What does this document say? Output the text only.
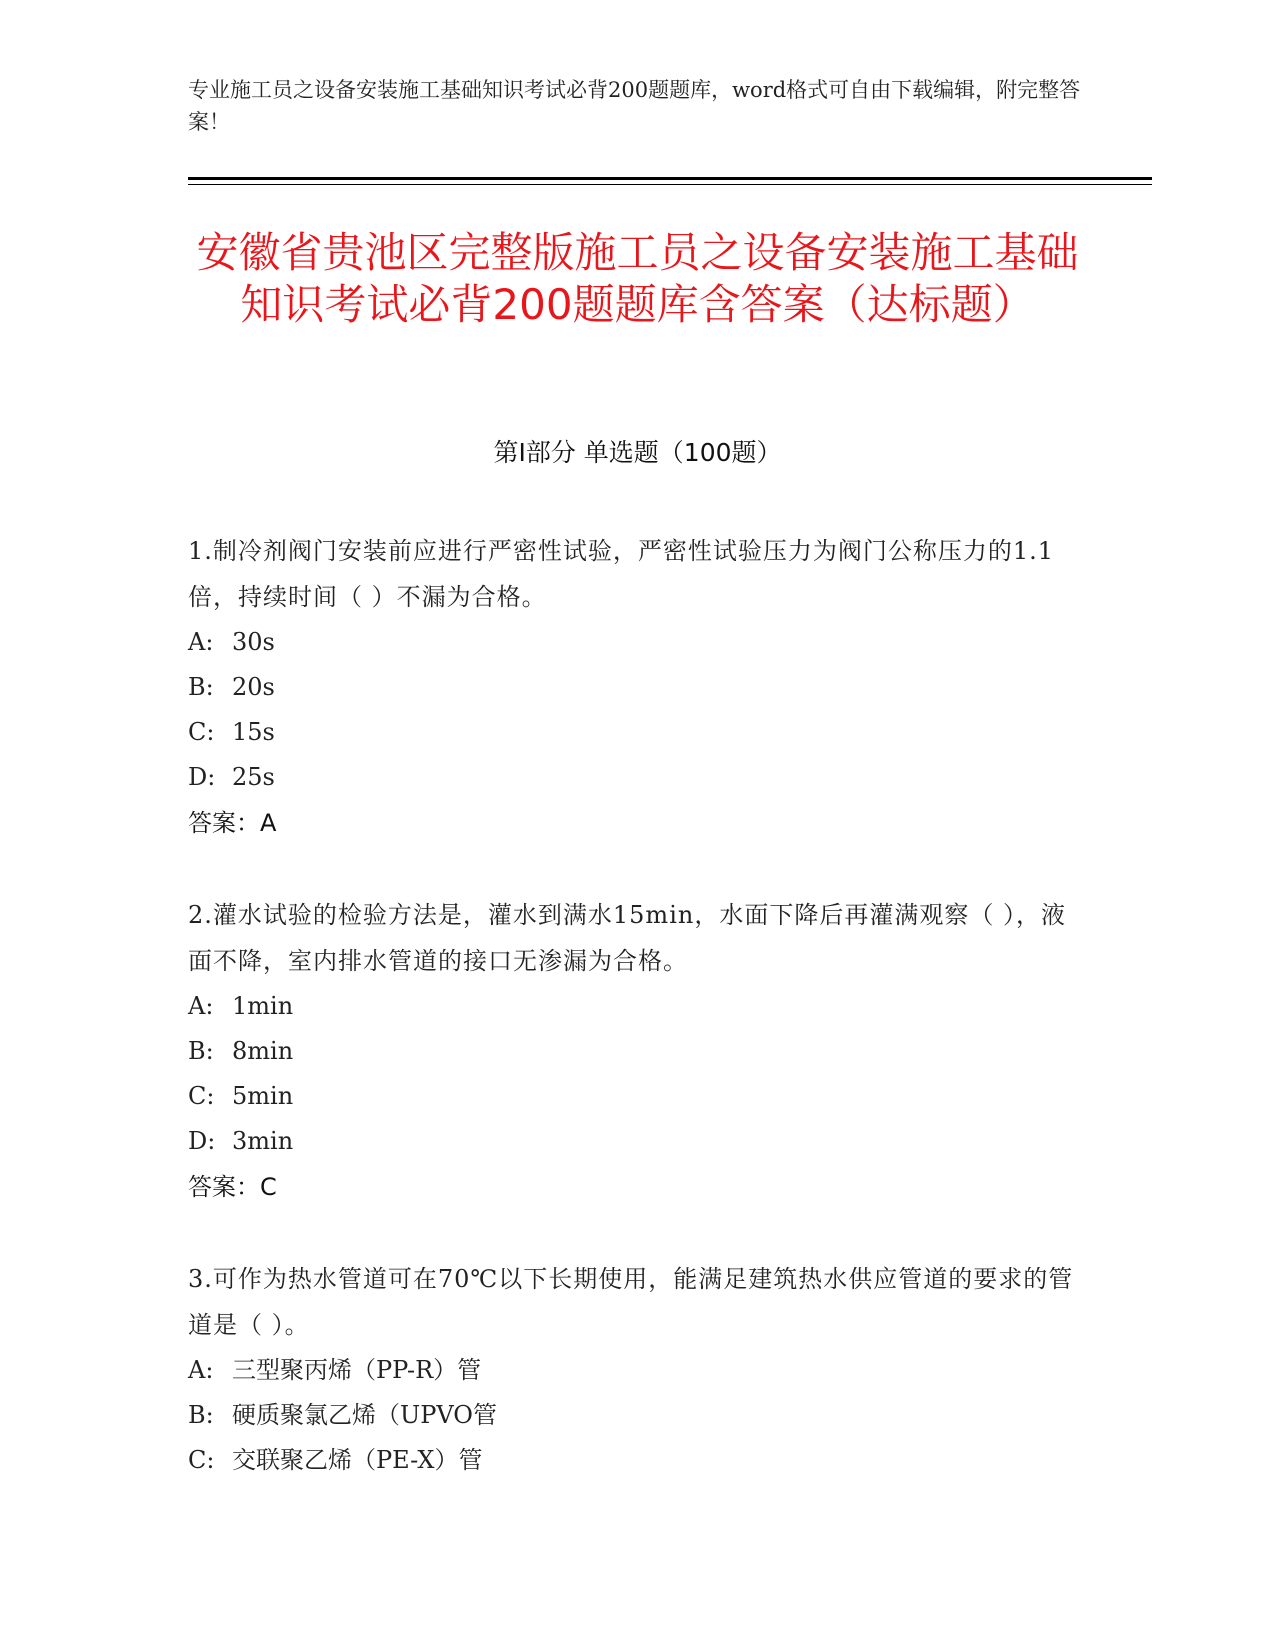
专业施工员之设备安装施工基础知识考试必背200题题库，word格式可自由下载编辑，附完整答案！
安徽省贵池区完整版施工员之设备安装施工基础知识考试必背200题题库含答案（达标题）
第Ⅰ部分 单选题（100题）
1.制冷剂阀门安装前应进行严密性试验，严密性试验压力为阀门公称压力的1.1倍，持续时间（ ）不漏为合格。
A: 30s
B: 20s
C: 15s
D: 25s
答案：A
2.灌水试验的检验方法是，灌水到满水15min，水面下降后再灌满观察（ ），液面不降，室内排水管道的接口无渗漏为合格。
A: 1min
B: 8min
C: 5min
D: 3min
答案：C
3.可作为热水管道可在70℃以下长期使用，能满足建筑热水供应管道的要求的管道是（ ）。
A: 三型聚丙烯（PP-R）管
B: 硬质聚氯乙烯（UPVO管
C: 交联聚乙烯（PE-X）管
